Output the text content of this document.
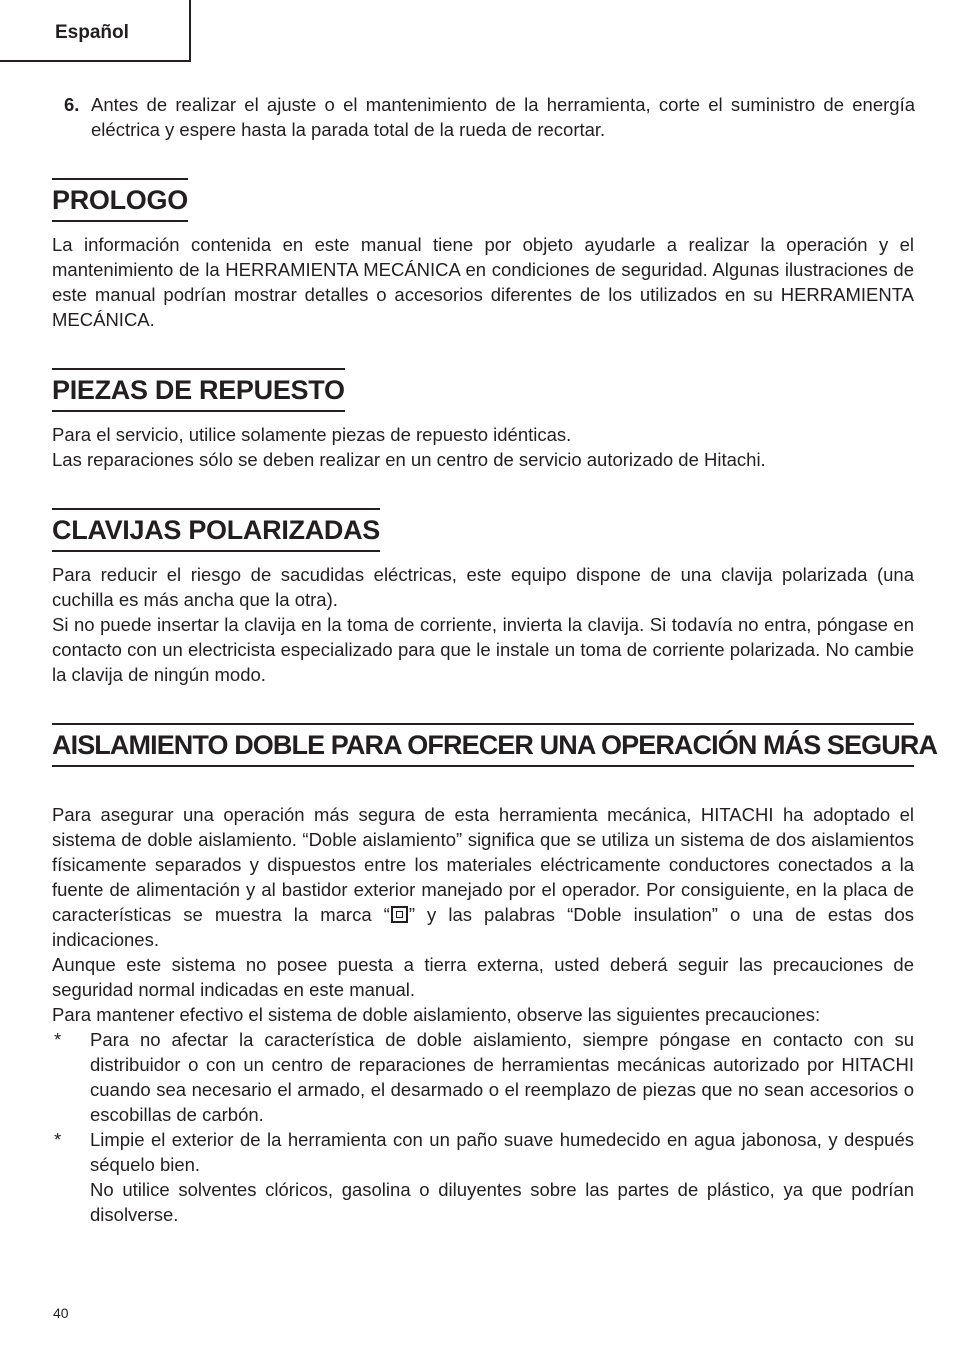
Español
6. Antes de realizar el ajuste o el mantenimiento de la herramienta, corte el suministro de energía eléctrica y espere hasta la parada total de la rueda de recortar.
PROLOGO

La información contenida en este manual tiene por objeto ayudarle a realizar la operación y el mantenimiento de la HERRAMIENTA MECÁNICA en condiciones de seguridad. Algunas ilustraciones de este manual podrían mostrar detalles o accesorios diferentes de los utilizados en su HERRAMIENTA MECÁNICA.

PIEZAS DE REPUESTO

Para el servicio, utilice solamente piezas de repuesto idénticas.

Las reparaciones sólo se deben realizar en un centro de servicio autorizado de Hitachi.

CLAVIJAS POLARIZADAS

Para reducir el riesgo de sacudidas eléctricas, este equipo dispone de una clavija polarizada (una cuchilla es más ancha que la otra).

Si no puede insertar la clavija en la toma de corriente, invierta la clavija. Si todavía no entra, póngase en contacto con un electricista especializado para que le instale un toma de corriente polarizada. No cambie la clavija de ningún modo.

AISLAMIENTO DOBLE PARA OFRECER UNA OPERACIÓN MÁS SEGURA

Para asegurar una operación más segura de esta herramienta mecánica, HITACHI ha adoptado el sistema de doble aislamiento. “Doble aislamiento” significa que se utiliza un sistema de dos aislamientos físicamente separados y dispuestos entre los materiales eléctricamente conductores conectados a la fuente de alimentación y al bastidor exterior manejado por el operador. Por consiguiente, en la placa de características se muestra la marca “ ” y las palabras “Doble insulation” o una de estas dos indicaciones.

Aunque este sistema no posee puesta a tierra externa, usted deberá seguir las precauciones de seguridad normal indicadas en este manual.

Para mantener efectivo el sistema de doble aislamiento, observe las siguientes precauciones:

* Para no afectar la característica de doble aislamiento, siempre póngase en contacto con su distribuidor o con un centro de reparaciones de herramientas mecánicas autorizado por HITACHI cuando sea necesario el armado, el desarmado o el reemplazo de piezas que no sean accesorios o escobillas de carbón.

* Limpie el exterior de la herramienta con un paño suave humedecido en agua jabonosa, y después séquelo bien.

No utilice solventes clóricos, gasolina o diluyentes sobre las partes de plástico, ya que podrían disolverse.

40
